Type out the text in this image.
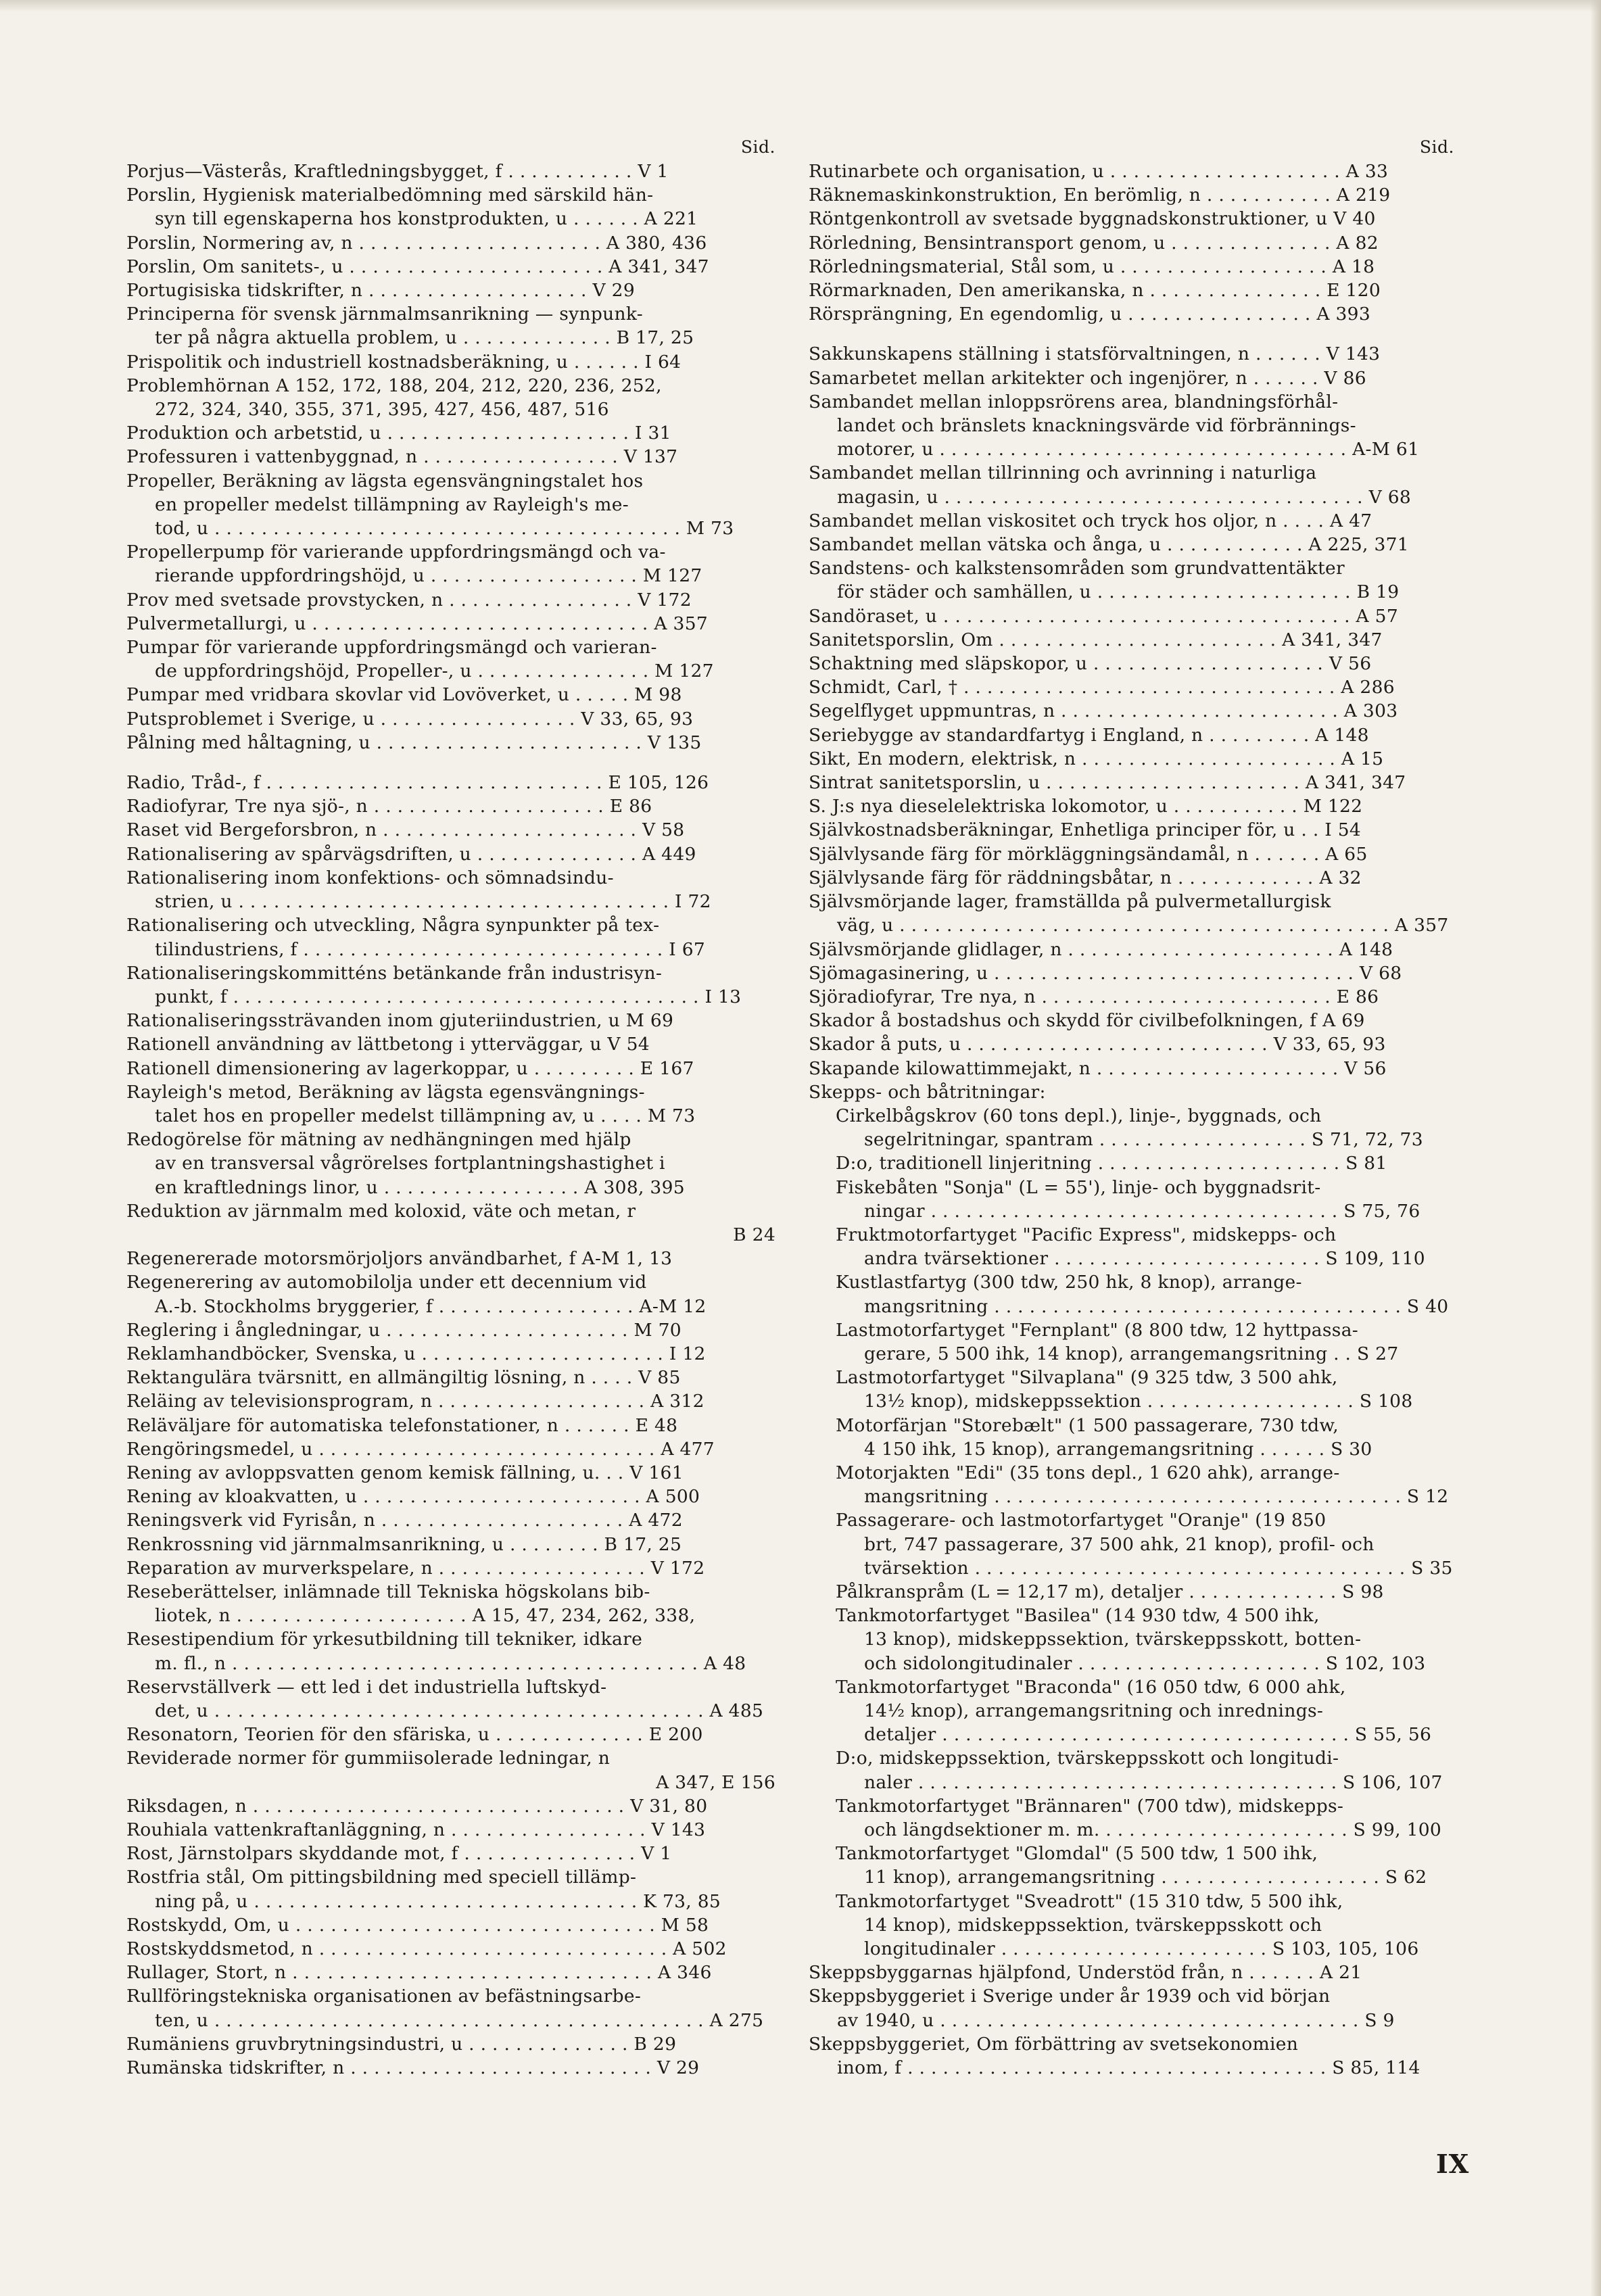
Sid.
Porjus—Västerås, Kraftledningsbygget, f . . . . . . . . . . . V 1
Porslin, Hygienisk materialbedömning med särskild hän-
syn till egenskaperna hos konstprodukten, u . . . . . . A 221
Porslin, Normering av, n . . . . . . . . . . . . . . . . . . . . . A 380, 436
Porslin, Om sanitets-, u . . . . . . . . . . . . . . . . . . . . . . A 341, 347
Portugisiska tidskrifter, n . . . . . . . . . . . . . . . . . . . V 29
Principerna för svensk järnmalmsanrikning — synpunk-
ter på några aktuella problem, u . . . . . . . . . . . . . B 17, 25
Prispolitik och industriell kostnadsberäkning, u . . . . . . I 64
Problemhörnan A 152, 172, 188, 204, 212, 220, 236, 252,
272, 324, 340, 355, 371, 395, 427, 456, 487, 516
Produktion och arbetstid, u . . . . . . . . . . . . . . . . . . . . . I 31
Professuren i vattenbyggnad, n . . . . . . . . . . . . . . . . . V 137
Propeller, Beräkning av lägsta egensvängningstalet hos
en propeller medelst tillämpning av Rayleigh's me-
tod, u . . . . . . . . . . . . . . . . . . . . . . . . . . . . . . . . . . . . . . . . M 73
Propellerpump för varierande uppfordringsmängd och va-
rierande uppfordringshöjd, u . . . . . . . . . . . . . . . . . . M 127
Prov med svetsade provstycken, n . . . . . . . . . . . . . . . . V 172
Pulvermetallurgi, u . . . . . . . . . . . . . . . . . . . . . . . . . . . . . A 357
Pumpar för varierande uppfordringsmängd och varieran-
de uppfordringshöjd, Propeller-, u . . . . . . . . . . . . . . . M 127
Pumpar med vridbara skovlar vid Lovöverket, u . . . . . M 98
Putsproblemet i Sverige, u . . . . . . . . . . . . . . . . . V 33, 65, 93
Pålning med håltagning, u . . . . . . . . . . . . . . . . . . . . . . . V 135
Radio, Tråd-, f . . . . . . . . . . . . . . . . . . . . . . . . . . . . . E 105, 126
Radiofyrar, Tre nya sjö-, n . . . . . . . . . . . . . . . . . . . . E 86
Raset vid Bergeforsbron, n . . . . . . . . . . . . . . . . . . . . . . V 58
Rationalisering av spårvägsdriften, u . . . . . . . . . . . . . . A 449
Rationalisering inom konfektions- och sömnadsindu-
strien, u . . . . . . . . . . . . . . . . . . . . . . . . . . . . . . . . . . . . . I 72
Rationalisering och utveckling, Några synpunkter på tex-
tilindustriens, f . . . . . . . . . . . . . . . . . . . . . . . . . . . . . . . I 67
Rationaliseringskommitténs betänkande från industrisyn-
punkt, f . . . . . . . . . . . . . . . . . . . . . . . . . . . . . . . . . . . . . . . . I 13
Rationaliseringssträvanden inom gjuteriindustrien, u M 69
Rationell användning av lättbetong i ytterväggar, u V 54
Rationell dimensionering av lagerkoppar, u . . . . . . . . . E 167
Rayleigh's metod, Beräkning av lägsta egensvängnings-
talet hos en propeller medelst tillämpning av, u . . . . M 73
Redogörelse för mätning av nedhängningen med hjälp
av en transversal vågrörelses fortplantningshastighet i
en kraftlednings linor, u . . . . . . . . . . . . . . . . . A 308, 395
Reduktion av järnmalm med koloxid, väte och metan, r
B 24
Regenererade motorsmörjoljors användbarhet, f A-M 1, 13
Regenerering av automobilolja under ett decennium vid
A.-b. Stockholms bryggerier, f . . . . . . . . . . . . . . . . . A-M 12
Reglering i ångledningar, u . . . . . . . . . . . . . . . . . . . . . M 70
Reklamhandböcker, Svenska, u . . . . . . . . . . . . . . . . . . . . . I 12
Rektangulära tvärsnitt, en allmängiltig lösning, n . . . . V 85
Reläing av televisionsprogram, n . . . . . . . . . . . . . . . . . . A 312
Reläväljare för automatiska telefonstationer, n . . . . . . E 48
Rengöringsmedel, u . . . . . . . . . . . . . . . . . . . . . . . . . . . . . A 477
Rening av avloppsvatten genom kemisk fällning, u. . . V 161
Rening av kloakvatten, u . . . . . . . . . . . . . . . . . . . . . . . . A 500
Reningsverk vid Fyrisån, n . . . . . . . . . . . . . . . . . . . . . A 472
Renkrossning vid järnmalmsanrikning, u . . . . . . . . B 17, 25
Reparation av murverkspelare, n . . . . . . . . . . . . . . . . . . V 172
Reseberättelser, inlämnade till Tekniska högskolans bib-
liotek, n . . . . . . . . . . . . . . . . . . . . A 15, 47, 234, 262, 338,
Resestipendium för yrkesutbildning till tekniker, idkare
m. fl., n . . . . . . . . . . . . . . . . . . . . . . . . . . . . . . . . . . . . . . . . A 48
Reservställverk — ett led i det industriella luftskyd-
det, u . . . . . . . . . . . . . . . . . . . . . . . . . . . . . . . . . . . . . . . . . . A 485
Resonatorn, Teorien för den sfäriska, u . . . . . . . . . . . . . E 200
Reviderade normer för gummiisolerade ledningar, n
A 347, E 156
Riksdagen, n . . . . . . . . . . . . . . . . . . . . . . . . . . . . . . . . V 31, 80
Rouhiala vattenkraftanläggning, n . . . . . . . . . . . . . . . . . V 143
Rost, Järnstolpars skyddande mot, f . . . . . . . . . . . . . . . V 1
Rostfria stål, Om pittingsbildning med speciell tillämp-
ning på, u . . . . . . . . . . . . . . . . . . . . . . . . . . . . . . . . . K 73, 85
Rostskydd, Om, u . . . . . . . . . . . . . . . . . . . . . . . . . . . . . . . M 58
Rostskyddsmetod, n . . . . . . . . . . . . . . . . . . . . . . . . . . . . . . A 502
Rullager, Stort, n . . . . . . . . . . . . . . . . . . . . . . . . . . . . . . . A 346
Rullföringstekniska organisationen av befästningsarbe-
ten, u . . . . . . . . . . . . . . . . . . . . . . . . . . . . . . . . . . . . . . . . . . A 275
Rumäniens gruvbrytningsindustri, u . . . . . . . . . . . . . . B 29
Rumänska tidskrifter, n . . . . . . . . . . . . . . . . . . . . . . . . . . V 29
Sid.
Rutinarbete och organisation, u . . . . . . . . . . . . . . . . . . . . A 33
Räknemaskinkonstruktion, En berömlig, n . . . . . . . . . . . A 219
Röntgenkontroll av svetsade byggnadskonstruktioner, u V 40
Rörledning, Bensintransport genom, u . . . . . . . . . . . . . . A 82
Rörledningsmaterial, Stål som, u . . . . . . . . . . . . . . . . . . A 18
Rörmarknaden, Den amerikanska, n . . . . . . . . . . . . . . . E 120
Rörsprängning, En egendomlig, u . . . . . . . . . . . . . . . . A 393
Sakkunskapens ställning i statsförvaltningen, n . . . . . . V 143
Samarbetet mellan arkitekter och ingenjörer, n . . . . . . V 86
Sambandet mellan inloppsrörens area, blandningsförhål-
landet och bränslets knackningsvärde vid förbrännings-
motorer, u . . . . . . . . . . . . . . . . . . . . . . . . . . . . . . . . . . . A-M 61
Sambandet mellan tillrinning och avrinning i naturliga
magasin, u . . . . . . . . . . . . . . . . . . . . . . . . . . . . . . . . . . . . V 68
Sambandet mellan viskositet och tryck hos oljor, n . . . . A 47
Sambandet mellan vätska och ånga, u . . . . . . . . . . . . A 225, 371
Sandstens- och kalkstensområden som grundvattentäkter
för städer och samhällen, u . . . . . . . . . . . . . . . . . . . . . . B 19
Sandöraset, u . . . . . . . . . . . . . . . . . . . . . . . . . . . . . . . . . . . A 57
Sanitetsporslin, Om . . . . . . . . . . . . . . . . . . . . . . . . A 341, 347
Schaktning med släpskopor, u . . . . . . . . . . . . . . . . . . . . V 56
Schmidt, Carl, † . . . . . . . . . . . . . . . . . . . . . . . . . . . . . . . . A 286
Segelflyget uppmuntras, n . . . . . . . . . . . . . . . . . . . . . . . . A 303
Seriebygge av standardfartyg i England, n . . . . . . . . . A 148
Sikt, En modern, elektrisk, n . . . . . . . . . . . . . . . . . . . . . . A 15
Sintrat sanitetsporslin, u . . . . . . . . . . . . . . . . . . . . . . A 341, 347
S. J:s nya dieselelektriska lokomotor, u . . . . . . . . . . . M 122
Självkostnadsberäkningar, Enhetliga principer för, u . . I 54
Självlysande färg för mörkläggningsändamål, n . . . . . . A 65
Självlysande färg för räddningsbåtar, n . . . . . . . . . . . . A 32
Självsmörjande lager, framställda på pulvermetallurgisk
väg, u . . . . . . . . . . . . . . . . . . . . . . . . . . . . . . . . . . . . . . . . . . A 357
Självsmörjande glidlager, n . . . . . . . . . . . . . . . . . . . . . . . A 148
Sjömagasinering, u . . . . . . . . . . . . . . . . . . . . . . . . . . . . . . . V 68
Sjöradiofyrar, Tre nya, n . . . . . . . . . . . . . . . . . . . . . . . . . E 86
Skador å bostadshus och skydd för civilbefolkningen, f A 69
Skador å puts, u . . . . . . . . . . . . . . . . . . . . . . . . . . V 33, 65, 93
Skapande kilowattimmejakt, n . . . . . . . . . . . . . . . . . . . . . V 56
Skepps- och båtritningar:
Cirkelbågskrov (60 tons depl.), linje-, byggnads, och
segelritningar, spantram . . . . . . . . . . . . . . . . . . S 71, 72, 73
D:o, traditionell linjeritning . . . . . . . . . . . . . . . . . . . . . S 81
Fiskebåten "Sonja" (L = 55'), linje- och byggnadsrit-
ningar . . . . . . . . . . . . . . . . . . . . . . . . . . . . . . . . . . . S 75, 76
Fruktmotorfartyget "Pacific Express", midskepps- och
andra tvärsektioner . . . . . . . . . . . . . . . . . . . . . . . S 109, 110
Kustlastfartyg (300 tdw, 250 hk, 8 knop), arrange-
mangsritning . . . . . . . . . . . . . . . . . . . . . . . . . . . . . . . . . . . S 40
Lastmotorfartyget "Fernplant" (8 800 tdw, 12 hyttpassa-
gerare, 5 500 ihk, 14 knop), arrangemangsritning . . S 27
Lastmotorfartyget "Silvaplana" (9 325 tdw, 3 500 ahk,
13½ knop), midskeppssektion . . . . . . . . . . . . . . . . . . S 108
Motorfärjan "Storebælt" (1 500 passagerare, 730 tdw,
4 150 ihk, 15 knop), arrangemangsritning . . . . . . S 30
Motorjakten "Edi" (35 tons depl., 1 620 ahk), arrange-
mangsritning . . . . . . . . . . . . . . . . . . . . . . . . . . . . . . . . . . . S 12
Passagerare- och lastmotorfartyget "Oranje" (19 850
brt, 747 passagerare, 37 500 ahk, 21 knop), profil- och
tvärsektion . . . . . . . . . . . . . . . . . . . . . . . . . . . . . . . . . . . . . S 35
Pålkranspråm (L = 12,17 m), detaljer . . . . . . . . . . . . . S 98
Tankmotorfartyget "Basilea" (14 930 tdw, 4 500 ihk,
13 knop), midskeppssektion, tvärskeppsskott, botten-
och sidolongitudinaler . . . . . . . . . . . . . . . . . . . . . S 102, 103
Tankmotorfartyget "Braconda" (16 050 tdw, 6 000 ahk,
14½ knop), arrangemangsritning och inrednings-
detaljer . . . . . . . . . . . . . . . . . . . . . . . . . . . . . . . . . . . S 55, 56
D:o, midskeppssektion, tvärskeppsskott och longitudi-
naler . . . . . . . . . . . . . . . . . . . . . . . . . . . . . . . . . . . . S 106, 107
Tankmotorfartyget "Brännaren" (700 tdw), midskepps-
och längdsektioner m. m. . . . . . . . . . . . . . . . . . . . . . S 99, 100
Tankmotorfartyget "Glomdal" (5 500 tdw, 1 500 ihk,
11 knop), arrangemangsritning . . . . . . . . . . . . . . . . . . . S 62
Tankmotorfartyget "Sveadrott" (15 310 tdw, 5 500 ihk,
14 knop), midskeppssektion, tvärskeppsskott och
longitudinaler . . . . . . . . . . . . . . . . . . . . . . . S 103, 105, 106
Skeppsbyggarnas hjälpfond, Understöd från, n . . . . . . A 21
Skeppsbyggeriet i Sverige under år 1939 och vid början
av 1940, u . . . . . . . . . . . . . . . . . . . . . . . . . . . . . . . . . . . . S 9
Skeppsbyggeriet, Om förbättring av svetsekonomien
inom, f . . . . . . . . . . . . . . . . . . . . . . . . . . . . . . . . . . . . S 85, 114
IX
